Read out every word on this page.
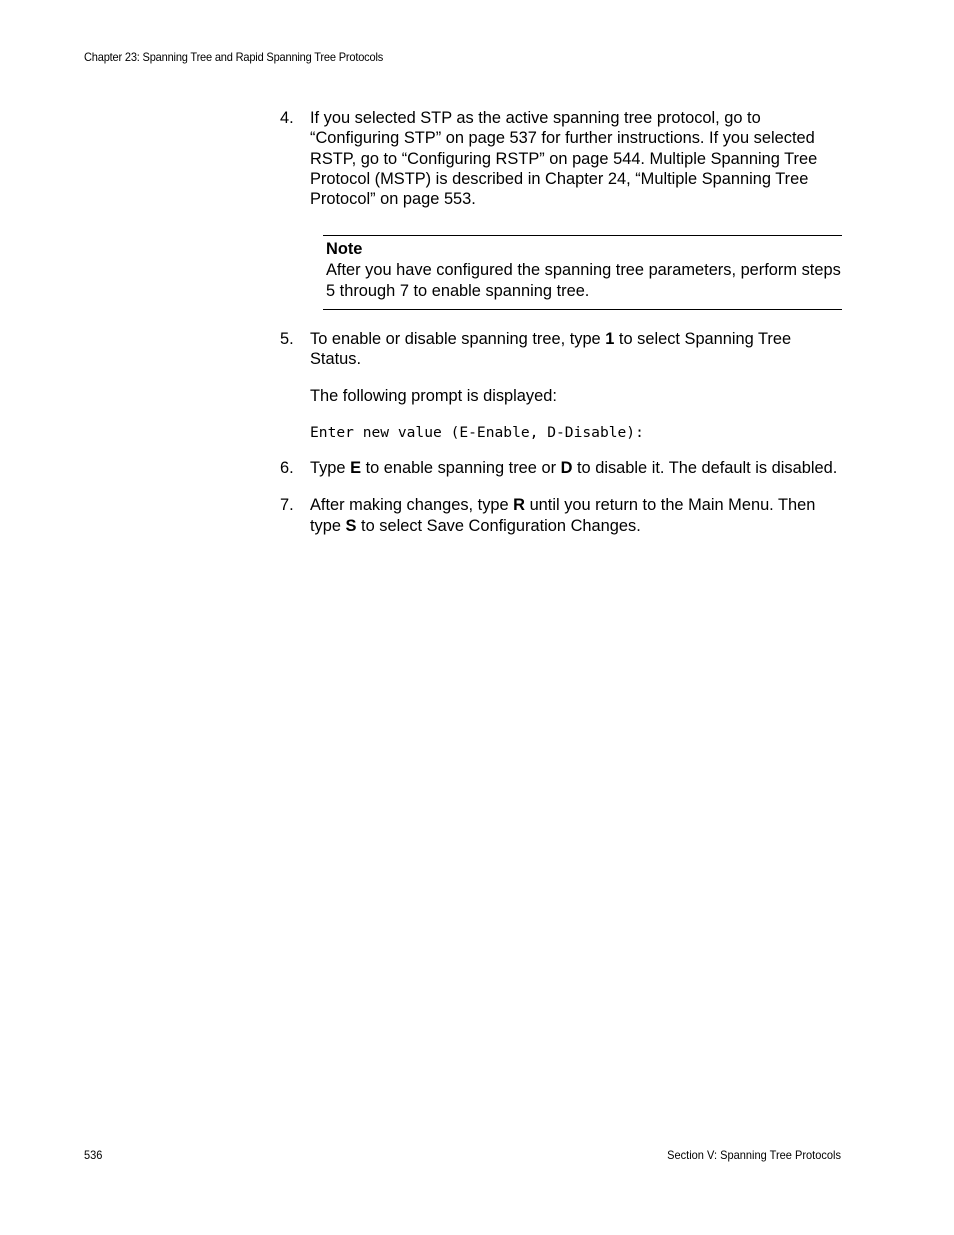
Chapter 23: Spanning Tree and Rapid Spanning Tree Protocols
4. If you selected STP as the active spanning tree protocol, go to “Configuring STP” on page 537 for further instructions. If you selected RSTP, go to “Configuring RSTP” on page 544. Multiple Spanning Tree Protocol (MSTP) is described in Chapter 24, “Multiple Spanning Tree Protocol” on page 553.
Note
After you have configured the spanning tree parameters, perform steps 5 through 7 to enable spanning tree.
5. To enable or disable spanning tree, type 1 to select Spanning Tree Status.
The following prompt is displayed:
Enter new value (E-Enable, D-Disable):
6. Type E to enable spanning tree or D to disable it. The default is disabled.
7. After making changes, type R until you return to the Main Menu. Then type S to select Save Configuration Changes.
536	Section V: Spanning Tree Protocols
